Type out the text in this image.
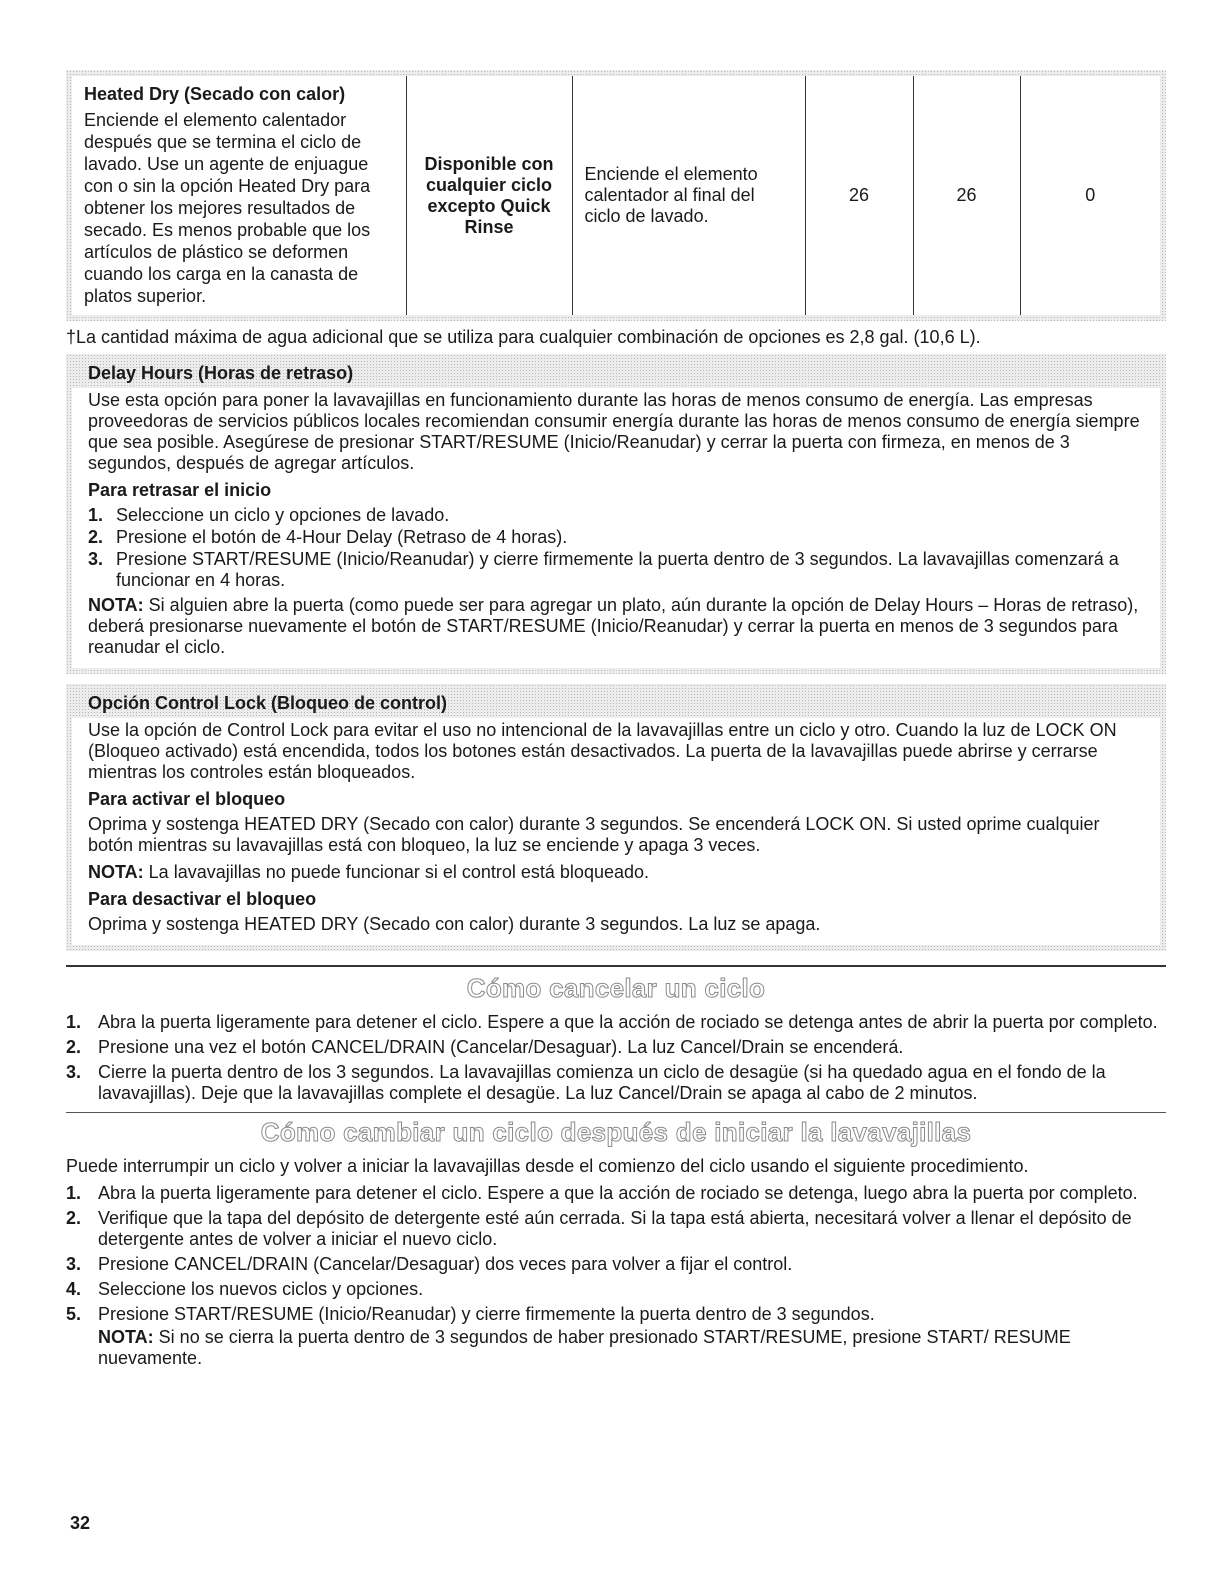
Heated Dry (Secado con calor)
Enciende el elemento calentador después que se termina el ciclo de lavado. Use un agente de enjuague con o sin la opción Heated Dry para obtener los mejores resultados de secado. Es menos probable que los artículos de plástico se deformen cuando los carga en la canasta de platos superior.
	Disponible con cualquier ciclo excepto Quick Rinse	Enciende el elemento calentador al final del ciclo de lavado.	26	26	0
†La cantidad máxima de agua adicional que se utiliza para cualquier combinación de opciones es 2,8 gal. (10,6 L).
Delay Hours (Horas de retraso)

Use esta opción para poner la lavavajillas en funcionamiento durante las horas de menos consumo de energía. Las empresas proveedoras de servicios públicos locales recomiendan consumir energía durante las horas de menos consumo de energía siempre que sea posible. Asegúrese de presionar START/RESUME (Inicio/Reanudar) y cerrar la puerta con firmeza, en menos de 3 segundos, después de agregar artículos.

Para retrasar el inicio
1. Seleccione un ciclo y opciones de lavado.
2. Presione el botón de 4-Hour Delay (Retraso de 4 horas).
3. Presione START/RESUME (Inicio/Reanudar) y cierre firmemente la puerta dentro de 3 segundos. La lavavajillas comenzará a funcionar en 4 horas.

NOTA: Si alguien abre la puerta (como puede ser para agregar un plato, aún durante la opción de Delay Hours – Horas de retraso), deberá presionarse nuevamente el botón de START/RESUME (Inicio/Reanudar) y cerrar la puerta en menos de 3 segundos para reanudar el ciclo.

Opción Control Lock (Bloqueo de control)

Use la opción de Control Lock para evitar el uso no intencional de la lavavajillas entre un ciclo y otro. Cuando la luz de LOCK ON (Bloqueo activado) está encendida, todos los botones están desactivados. La puerta de la lavavajillas puede abrirse y cerrarse mientras los controles están bloqueados.

Para activar el bloqueo

Oprima y sostenga HEATED DRY (Secado con calor) durante 3 segundos. Se encenderá LOCK ON. Si usted oprime cualquier botón mientras su lavavajillas está con bloqueo, la luz se enciende y apaga 3 veces.

NOTA: La lavavajillas no puede funcionar si el control está bloqueado.

Para desactivar el bloqueo

Oprima y sostenga HEATED DRY (Secado con calor) durante 3 segundos. La luz se apaga.

Cómo cancelar un ciclo
1. Abra la puerta ligeramente para detener el ciclo. Espere a que la acción de rociado se detenga antes de abrir la puerta por completo.
2. Presione una vez el botón CANCEL/DRAIN (Cancelar/Desaguar). La luz Cancel/Drain se encenderá.
3. Cierre la puerta dentro de los 3 segundos. La lavavajillas comienza un ciclo de desagüe (si ha quedado agua en el fondo de la lavavajillas). Deje que la lavavajillas complete el desagüe. La luz Cancel/Drain se apaga al cabo de 2 minutos.
Cómo cambiar un ciclo después de iniciar la lavavajillas

Puede interrumpir un ciclo y volver a iniciar la lavavajillas desde el comienzo del ciclo usando el siguiente procedimiento.

1. Abra la puerta ligeramente para detener el ciclo. Espere a que la acción de rociado se detenga, luego abra la puerta por completo.
2. Verifique que la tapa del depósito de detergente esté aún cerrada. Si la tapa está abierta, necesitará volver a llenar el depósito de detergente antes de volver a iniciar el nuevo ciclo.
3. Presione CANCEL/DRAIN (Cancelar/Desaguar) dos veces para volver a fijar el control.
4. Seleccione los nuevos ciclos y opciones.
5. Presione START/RESUME (Inicio/Reanudar) y cierre firmemente la puerta dentro de 3 segundos.
NOTA: Si no se cierra la puerta dentro de 3 segundos de haber presionado START/RESUME, presione START/ RESUME nuevamente.
32
